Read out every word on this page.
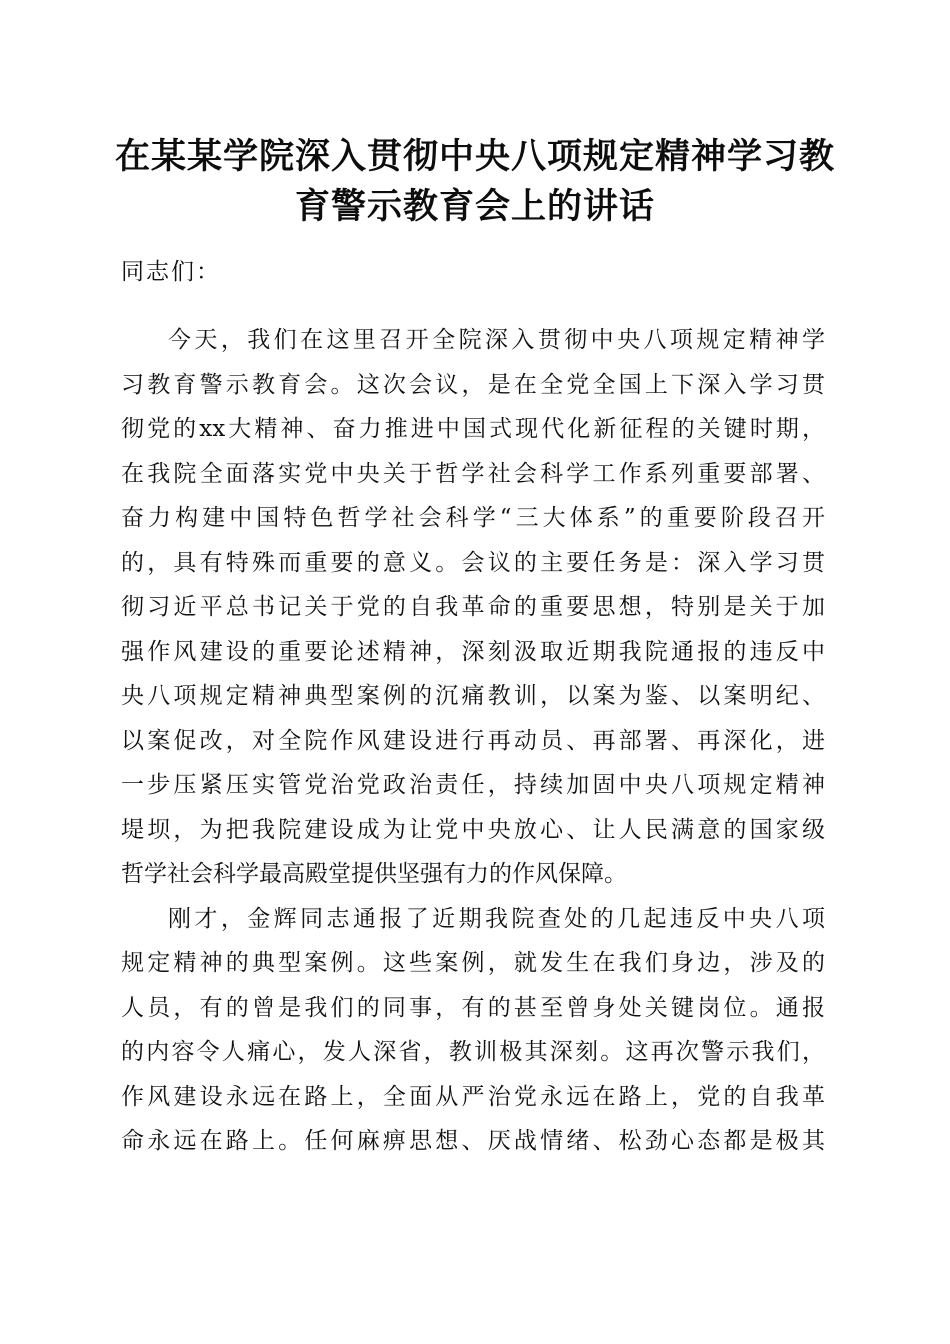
在某某学院深入贯彻中央八项规定精神学习教
育警示教育会上的讲话
同志们：
今天，我们在这里召开全院深入贯彻中央八项规定精神学
习教育警示教育会。这次会议，是在全党全国上下深入学习贯
彻党的xx大精神、奋力推进中国式现代化新征程的关键时期，
在我院全面落实党中央关于哲学社会科学工作系列重要部署、
奋力构建中国特色哲学社会科学“三大体系”的重要阶段召开
的，具有特殊而重要的意义。会议的主要任务是：深入学习贯
彻习近平总书记关于党的自我革命的重要思想，特别是关于加
强作风建设的重要论述精神，深刻汲取近期我院通报的违反中
央八项规定精神典型案例的沉痛教训，以案为鉴、以案明纪、
以案促改，对全院作风建设进行再动员、再部署、再深化，进
一步压紧压实管党治党政治责任，持续加固中央八项规定精神
堤坝，为把我院建设成为让党中央放心、让人民满意的国家级
哲学社会科学最高殿堂提供坚强有力的作风保障。
刚才，金辉同志通报了近期我院查处的几起违反中央八项
规定精神的典型案例。这些案例，就发生在我们身边，涉及的
人员，有的曾是我们的同事，有的甚至曾身处关键岗位。通报
的内容令人痛心，发人深省，教训极其深刻。这再次警示我们，
作风建设永远在路上，全面从严治党永远在路上，党的自我革
命永远在路上。任何麻痹思想、厌战情绪、松劲心态都是极其
